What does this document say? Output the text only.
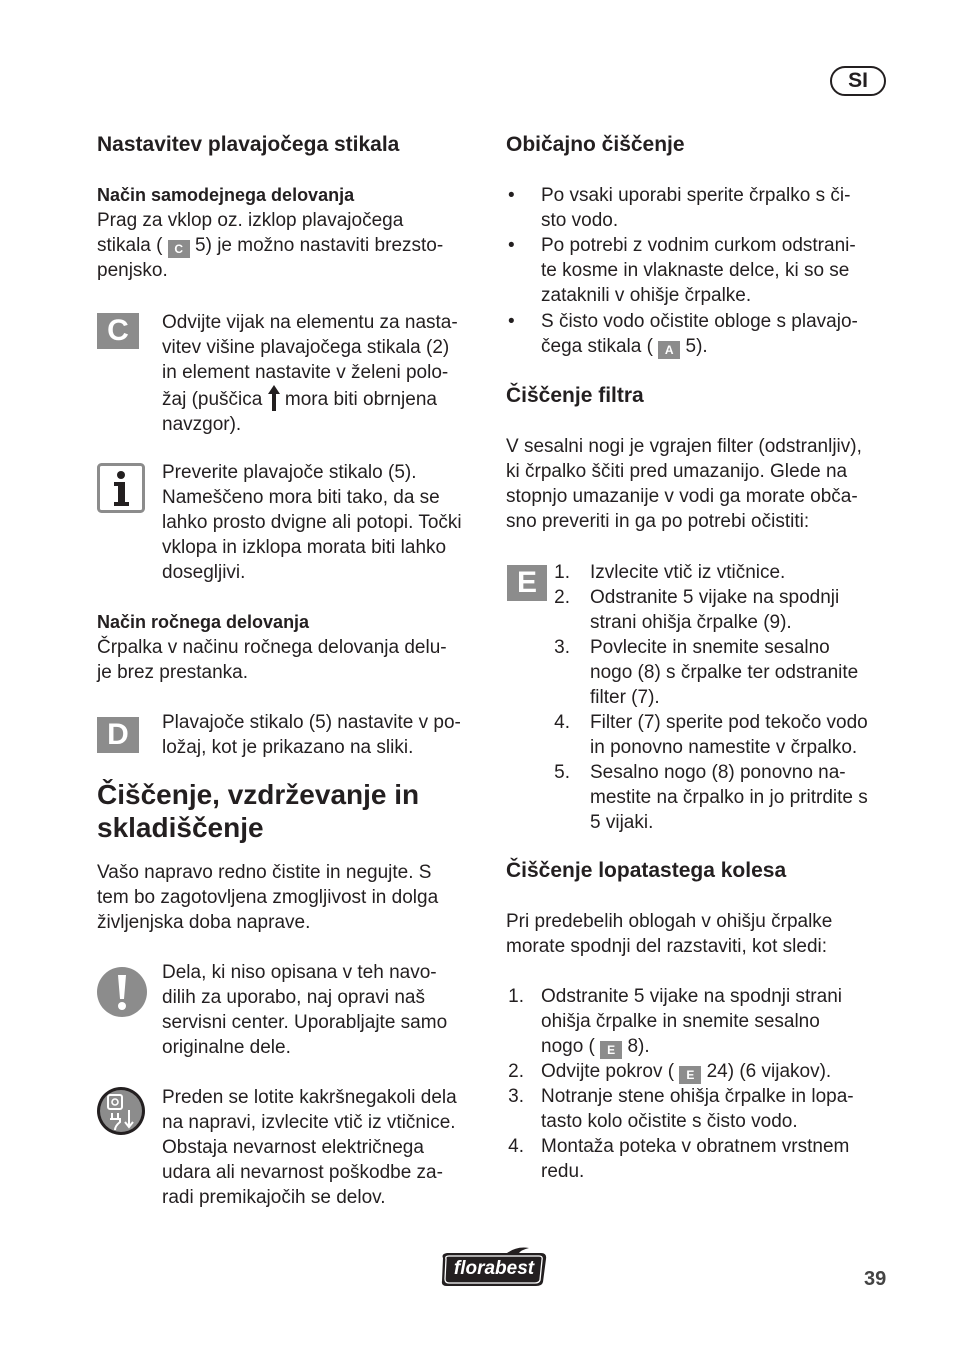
SI
Nastavitev plavajočega stikala
Način samodejnega delovanja
Prag za vklop oz. izklop plavajočega
stikala ( C 5) je možno nastaviti brezsto-
penjsko.
C	Odvijte vijak na elementu za nasta-
vitev višine plavajočega stikala (2)
in element nastavite v želeni polo-
žaj (puščica mora biti obrnjena
navzgor).
Preverite plavajoče stikalo (5).
Nameščeno mora biti tako, da se
lahko prosto dvigne ali potopi. Točki
vklopa in izklopa morata biti lahko
dosegljivi.
Način ročnega delovanja
Črpalka v načinu ročnega delovanja delu-
je brez prestanka.
D	Plavajoče stikalo (5) nastavite v po-
ložaj, kot je prikazano na sliki.
Čiščenje, vzdrževanje in
skladiščenje
Vašo napravo redno čistite in negujte. S
tem bo zagotovljena zmogljivost in dolga
življenjska doba naprave.
Dela, ki niso opisana v teh navo-
dilih za uporabo, naj opravi naš
servisni center. Uporabljajte samo
originalne dele.
Preden se lotite kakršnegakoli dela
na napravi, izvlecite vtič iz vtičnice.
Obstaja nevarnost električnega
udara ali nevarnost poškodbe za-
radi premikajočih se delov.
Običajno čiščenje
• Po vsaki uporabi sperite črpalko s či-
sto vodo.
• Po potrebi z vodnim curkom odstrani-
te kosme in vlaknaste delce, ki so se
zataknili v ohišje črpalke.
• S čisto vodo očistite obloge s plavajo-
čega stikala ( A 5).
Čiščenje filtra
V sesalni nogi je vgrajen filter (odstranljiv),
ki črpalko ščiti pred umazanijo. Glede na
stopnjo umazanije v vodi ga morate obča-
sno preveriti in ga po potrebi očistiti:
E 1. Izvlecite vtič iz vtičnice.
2. Odstranite 5 vijake na spodnji
strani ohišja črpalke (9).
3. Povlecite in snemite sesalno
nogo (8) s črpalke ter odstranite
filter (7).
4. Filter (7) sperite pod tekočo vodo
in ponovno namestite v črpalko.
5. Sesalno nogo (8) ponovno na-
mestite na črpalko in jo pritrdite s
5 vijaki.
Čiščenje lopatastega kolesa
Pri predebelih oblogah v ohišju črpalke
morate spodnji del razstaviti, kot sledi:
1. Odstranite 5 vijake na spodnji strani
ohišja črpalke in snemite sesalno
nogo ( E 8).
2. Odvijte pokrov ( E 24) (6 vijakov).
3. Notranje stene ohišja črpalke in lopa-
tasto kolo očistite s čisto vodo.
4. Montaža poteka v obratnem vrstnem
redu.
florabest	39
